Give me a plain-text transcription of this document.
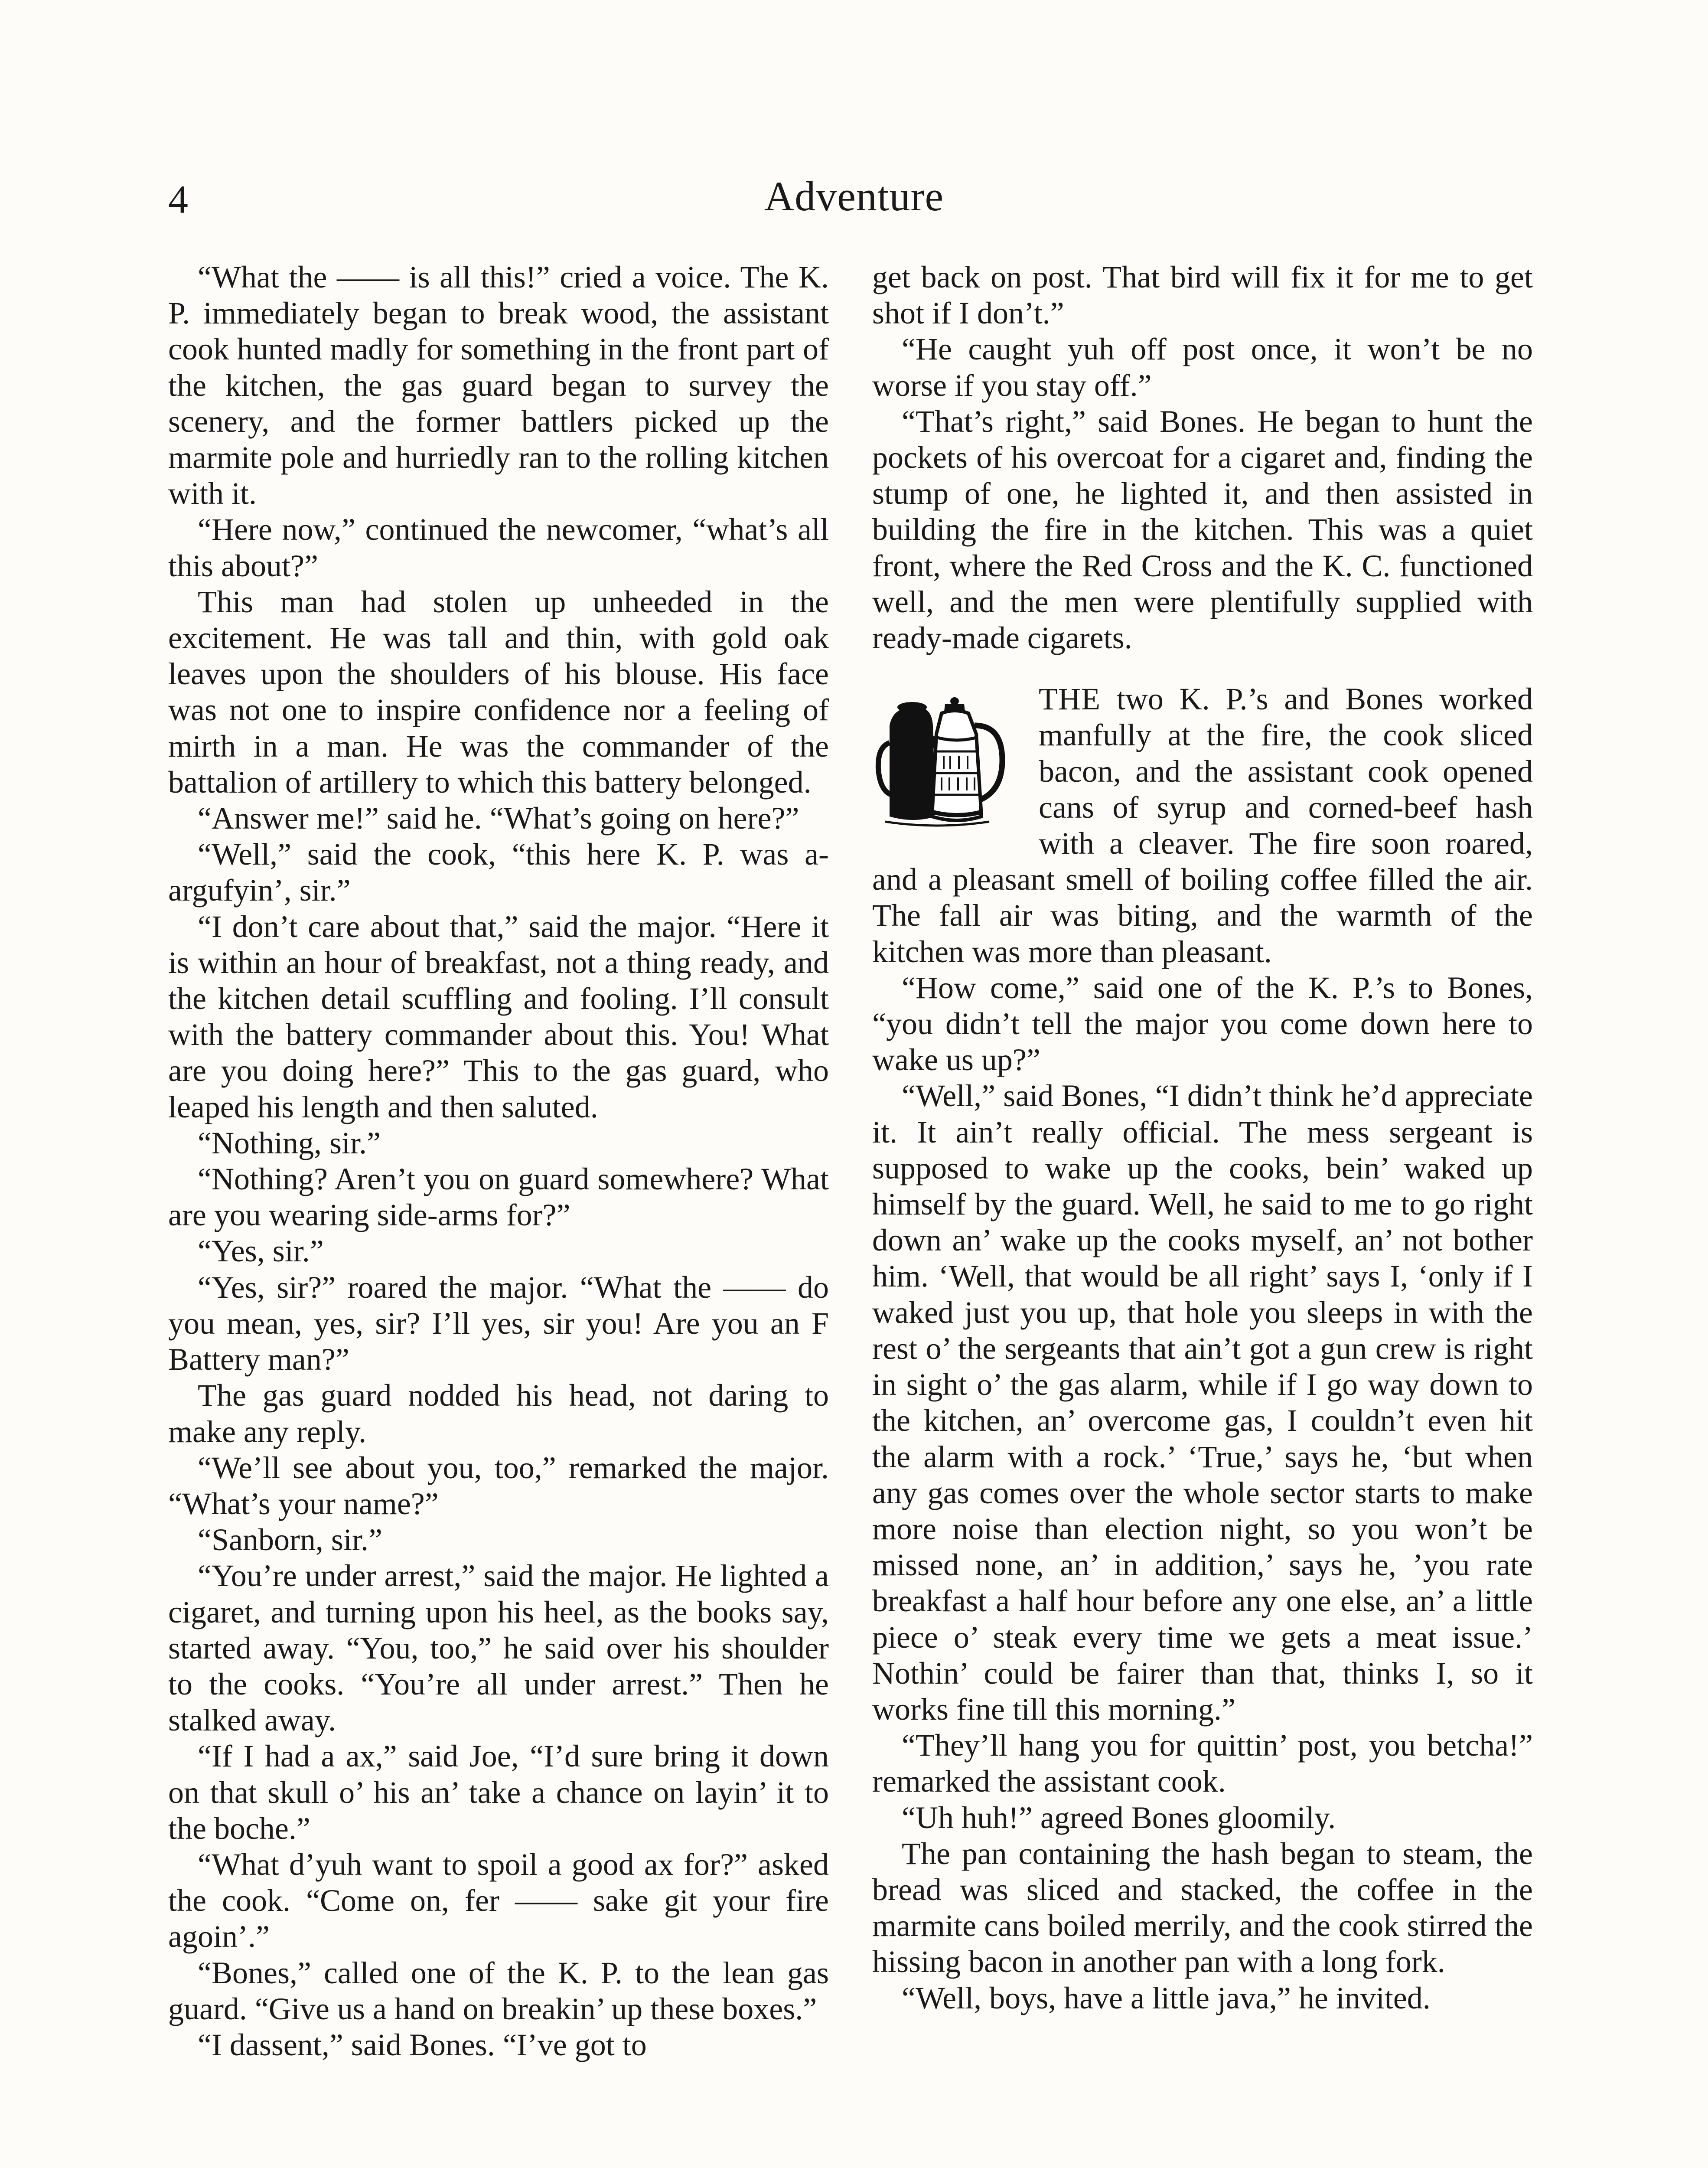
4	Adventure

“What the —— is all this!” cried a voice. The K. P. immediately began to break wood, the assistant cook hunted madly for something in the front part of the kitchen, the gas guard began to survey the scenery, and the former battlers picked up the marmite pole and hurriedly ran to the rolling kitchen with it.

“Here now,” continued the newcomer, “what’s all this about?”

This man had stolen up unheeded in the excitement. He was tall and thin, with gold oak leaves upon the shoulders of his blouse. His face was not one to inspire confidence nor a feeling of mirth in a man. He was the commander of the battalion of artillery to which this battery belonged.

“Answer me!” said he. “What’s going on here?”

“Well,” said the cook, “this here K. P. was a-argufyin’, sir.”

“I don’t care about that,” said the major. “Here it is within an hour of breakfast, not a thing ready, and the kitchen detail scuffling and fooling. I’ll consult with the battery commander about this. You! What are you doing here?” This to the gas guard, who leaped his length and then saluted.

“Nothing, sir.”

“Nothing? Aren’t you on guard somewhere? What are you wearing side-arms for?”

“Yes, sir.”

“Yes, sir?” roared the major. “What the —— do you mean, yes, sir? I’ll yes, sir you! Are you an F Battery man?”

The gas guard nodded his head, not daring to make any reply.

“We’ll see about you, too,” remarked the major. “What’s your name?”

“Sanborn, sir.”

“You’re under arrest,” said the major. He lighted a cigaret, and turning upon his heel, as the books say, started away. “You, too,” he said over his shoulder to the cooks. “You’re all under arrest.” Then he stalked away.

“If I had a ax,” said Joe, “I’d sure bring it down on that skull o’ his an’ take a chance on layin’ it to the boche.”

“What d’yuh want to spoil a good ax for?” asked the cook. “Come on, fer —— sake git your fire agoin’.”

“Bones,” called one of the K. P. to the lean gas guard. “Give us a hand on breakin’ up these boxes.”

“I dassent,” said Bones. “I’ve got to

get back on post. That bird will fix it for me to get shot if I don’t.”

“He caught yuh off post once, it won’t be no worse if you stay off.”

“That’s right,” said Bones. He began to hunt the pockets of his overcoat for a cigaret and, finding the stump of one, he lighted it, and then assisted in building the fire in the kitchen. This was a quiet front, where the Red Cross and the K. C. functioned well, and the men were plentifully supplied with ready-made cigarets.

THE two K. P.’s and Bones worked manfully at the fire, the cook sliced bacon, and the assistant cook opened cans of syrup and corned-beef hash with a cleaver. The fire soon roared, and a pleasant smell of boiling coffee filled the air. The fall air was biting, and the warmth of the kitchen was more than pleasant.

“How come,” said one of the K. P.’s to Bones, “you didn’t tell the major you come down here to wake us up?”

“Well,” said Bones, “I didn’t think he’d appreciate it. It ain’t really official. The mess sergeant is supposed to wake up the cooks, bein’ waked up himself by the guard. Well, he said to me to go right down an’ wake up the cooks myself, an’ not bother him. ‘Well, that would be all right’ says I, ‘only if I waked just you up, that hole you sleeps in with the rest o’ the sergeants that ain’t got a gun crew is right in sight o’ the gas alarm, while if I go way down to the kitchen, an’ overcome gas, I couldn’t even hit the alarm with a rock.’ ‘True,’ says he, ‘but when any gas comes over the whole sector starts to make more noise than election night, so you won’t be missed none, an’ in addition,’ says he, ’you rate breakfast a half hour before any one else, an’ a little piece o’ steak every time we gets a meat issue.’ Nothin’ could be fairer than that, thinks I, so it works fine till this morning.”

“They’ll hang you for quittin’ post, you betcha!” remarked the assistant cook.

“Uh huh!” agreed Bones gloomily.

The pan containing the hash began to steam, the bread was sliced and stacked, the coffee in the marmite cans boiled merrily, and the cook stirred the hissing bacon in another pan with a long fork.

“Well, boys, have a little java,” he invited.
